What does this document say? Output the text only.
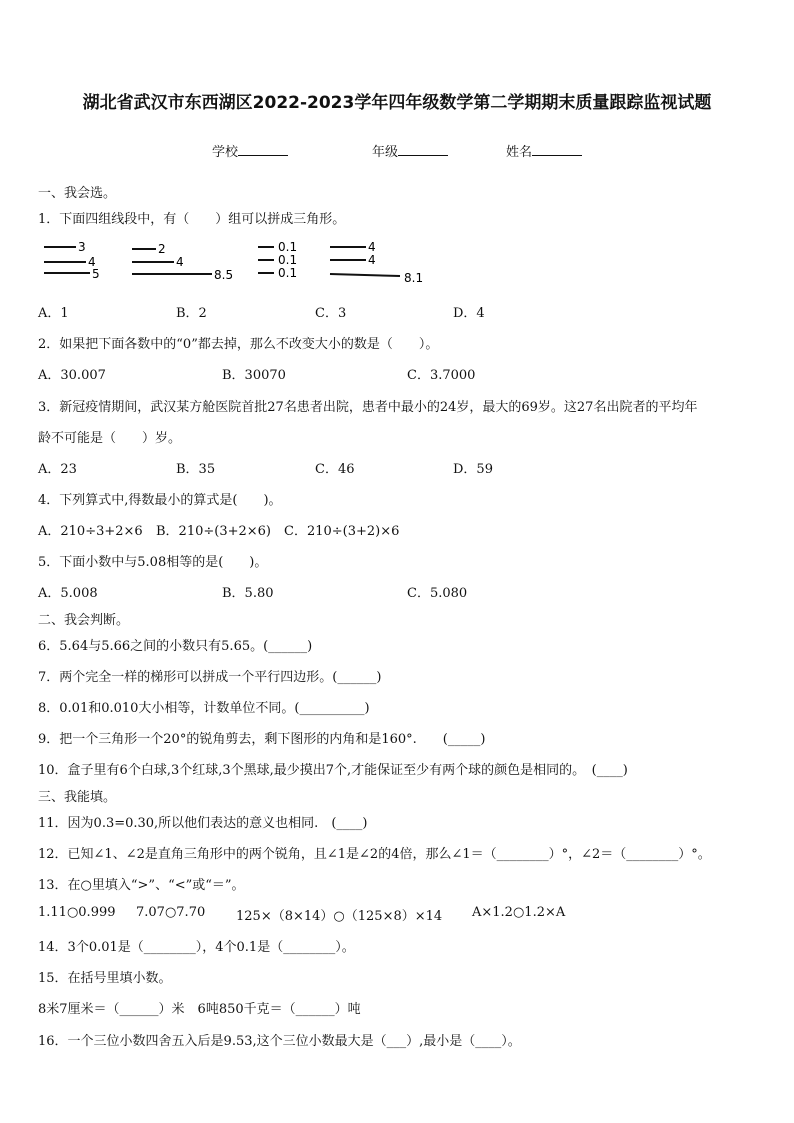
湖北省武汉市东西湖区2022-2023学年四年级数学第二学期期末质量跟踪监视试题
学校	年级	姓名
一、我会选。
1．下面四组线段中，有（　　）组可以拼成三角形。
3
4
5
2
4
8.5
0.1
0.1
0.1
4
4
8.1
A．1	B．2	C．3	D．4
2．如果把下面各数中的“0”都去掉，那么不改变大小的数是（　　）。
A．30.007	B．30070	C．3.7000
3．新冠疫情期间，武汉某方舱医院首批27名患者出院，患者中最小的24岁，最大的69岁。这27名出院者的平均年
龄不可能是（　　）岁。
A．23	B．35	C．46	D．59
4．下列算式中,得数最小的算式是(　　)。
A．210÷3+2×6 B．210÷(3+2×6) C．210÷(3+2)×6
5．下面小数中与5.08相等的是(　　)。
A．5.008	B．5.80	C．5.080
二、我会判断。
6．5.64与5.66之间的小数只有5.65。(______)
7．两个完全一样的梯形可以拼成一个平行四边形。(______)
8．0.01和0.010大小相等，计数单位不同。(__________)
9．把一个三角形一个20°的锐角剪去，剩下图形的内角和是160°.　　(_____)
10．盒子里有6个白球,3个红球,3个黑球,最少摸出7个,才能保证至少有两个球的颜色是相同的。　(____)
三、我能填。
11．因为0.3=0.30,所以他们表达的意义也相同.　(____)
12．已知∠1、∠2是直角三角形中的两个锐角，且∠1是∠2的4倍，那么∠1＝（________）°，∠2＝（________）°。
13．在○里填入“>”、“<”或“＝”。
1.11○0.999 7.07○7.70 125×（8×14）○（125×8）×14 A×1.2○1.2×A
14．3个0.01是（________），4个0.1是（________）。
15．在括号里填小数。
8米7厘米＝（______）米　6吨850千克＝（______）吨
16．一个三位小数四舍五入后是9.53,这个三位小数最大是（___）,最小是（____）。
